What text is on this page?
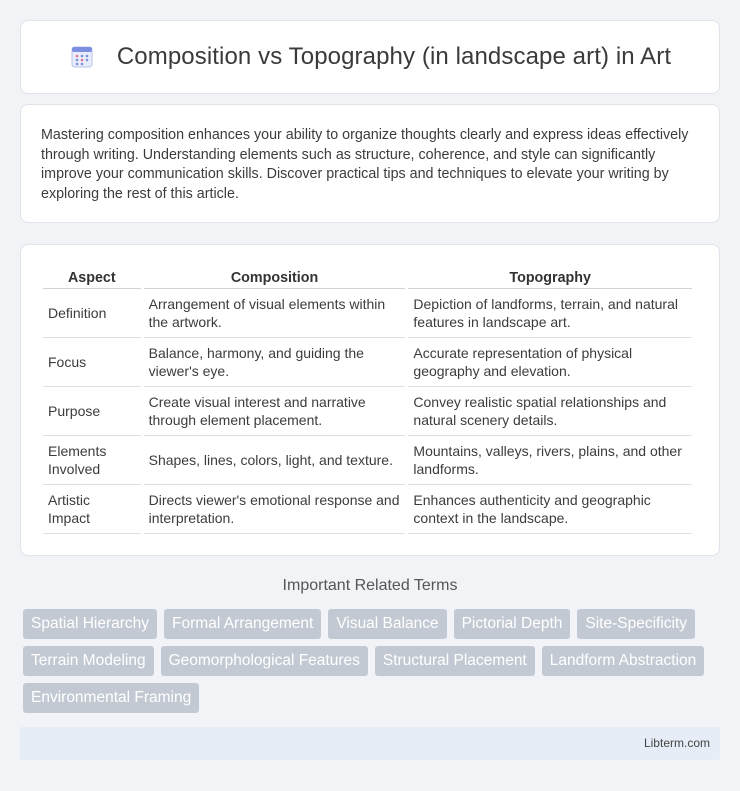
Composition vs Topography (in landscape art) in Art

Mastering composition enhances your ability to organize thoughts clearly and express ideas effectively through writing. Understanding elements such as structure, coherence, and style can significantly improve your communication skills. Discover practical tips and techniques to elevate your writing by exploring the rest of this article.

Aspect	Composition	Topography
Definition	Arrangement of visual elements within the artwork.	Depiction of landforms, terrain, and natural features in landscape art.
Focus	Balance, harmony, and guiding the viewer's eye.	Accurate representation of physical geography and elevation.
Purpose	Create visual interest and narrative through element placement.	Convey realistic spatial relationships and natural scenery details.
Elements Involved	Shapes, lines, colors, light, and texture.	Mountains, valleys, rivers, plains, and other landforms.
Artistic Impact	Directs viewer's emotional response and interpretation.	Enhances authenticity and geographic context in the landscape.
Important Related Terms
Spatial Hierarchy	Formal Arrangement	Visual Balance	Pictorial Depth	Site-Specificity
Terrain Modeling	Geomorphological Features	Structural Placement	Landform Abstraction
Environmental Framing
Libterm.com
